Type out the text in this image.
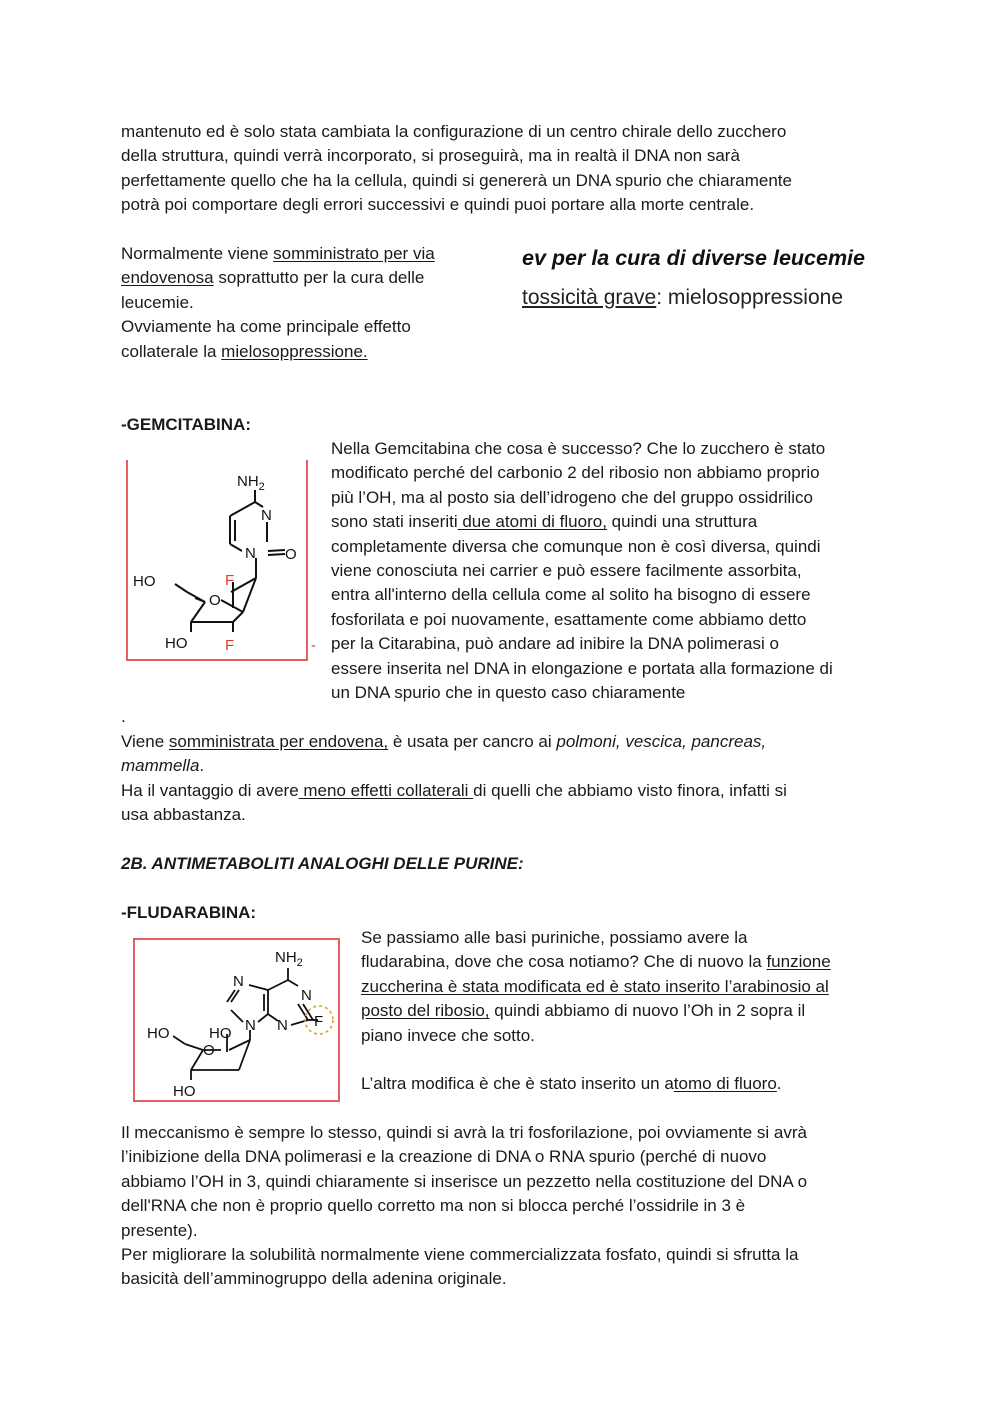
mantenuto ed è solo stata cambiata la configurazione di un centro chirale dello zucchero
della struttura, quindi verrà incorporato, si proseguirà, ma in realtà il DNA non sarà
perfettamente quello che ha la cellula, quindi si genererà un DNA spurio che chiaramente
potrà poi comportare degli errori successivi e quindi puoi portare alla morte centrale.
Normalmente viene somministrato per via
endovenosa soprattutto per la cura delle
leucemie.
Ovviamente ha come principale effetto
collaterale la mielosoppressione.
ev per la cura di diverse leucemie
tossicità grave: mielosoppressione
-GEMCITABINA:
$NH_2$
N
N O
O
HO
HO
F
F	-
Nella Gemcitabina che cosa è successo? Che lo zucchero è stato
modificato perché del carbonio 2 del ribosio non abbiamo proprio
più l’OH, ma al posto sia dell’idrogeno che del gruppo ossidrilico
sono stati inseriti due atomi di fluoro, quindi una struttura
completamente diversa che comunque non è così diversa, quindi
viene conosciuta nei carrier e può essere facilmente assorbita,
entra all'interno della cellula come al solito ha bisogno di essere
fosforilata e poi nuovamente, esattamente come abbiamo detto
per la Citarabina, può andare ad inibire la DNA polimerasi o
essere inserita nel DNA in elongazione e portata alla formazione di
un DNA spurio che in questo caso chiaramente
.
Viene somministrata per endovena, è usata per cancro ai polmoni, vescica, pancreas,
mammella.
Ha il vantaggio di avere meno effetti collaterali di quelli che abbiamo visto finora, infatti si
usa abbastanza.
2B. ANTIMETABOLITI ANALOGHI DELLE PURINE:
-FLUDARABINA:
$NH_2$
N
N
N
N	F
HO	HO
HO
O
Se passiamo alle basi puriniche, possiamo avere la
fludarabina, dove che cosa notiamo? Che di nuovo la funzione
zuccherina è stata modificata ed è stato inserito l’arabinosio al
posto del ribosio, quindi abbiamo di nuovo l’Oh in 2 sopra il
piano invece che sotto.
L’altra modifica è che è stato inserito un atomo di fluoro.
Il meccanismo è sempre lo stesso, quindi si avrà la tri fosforilazione, poi ovviamente si avrà
l’inibizione della DNA polimerasi e la creazione di DNA o RNA spurio (perché di nuovo
abbiamo l’OH in 3, quindi chiaramente si inserisce un pezzetto nella costituzione del DNA o
dell'RNA che non è proprio quello corretto ma non si blocca perché l’ossidrile in 3 è
presente).
Per migliorare la solubilità normalmente viene commercializzata fosfato, quindi si sfrutta la
basicità dell’amminogruppo della adenina originale.
